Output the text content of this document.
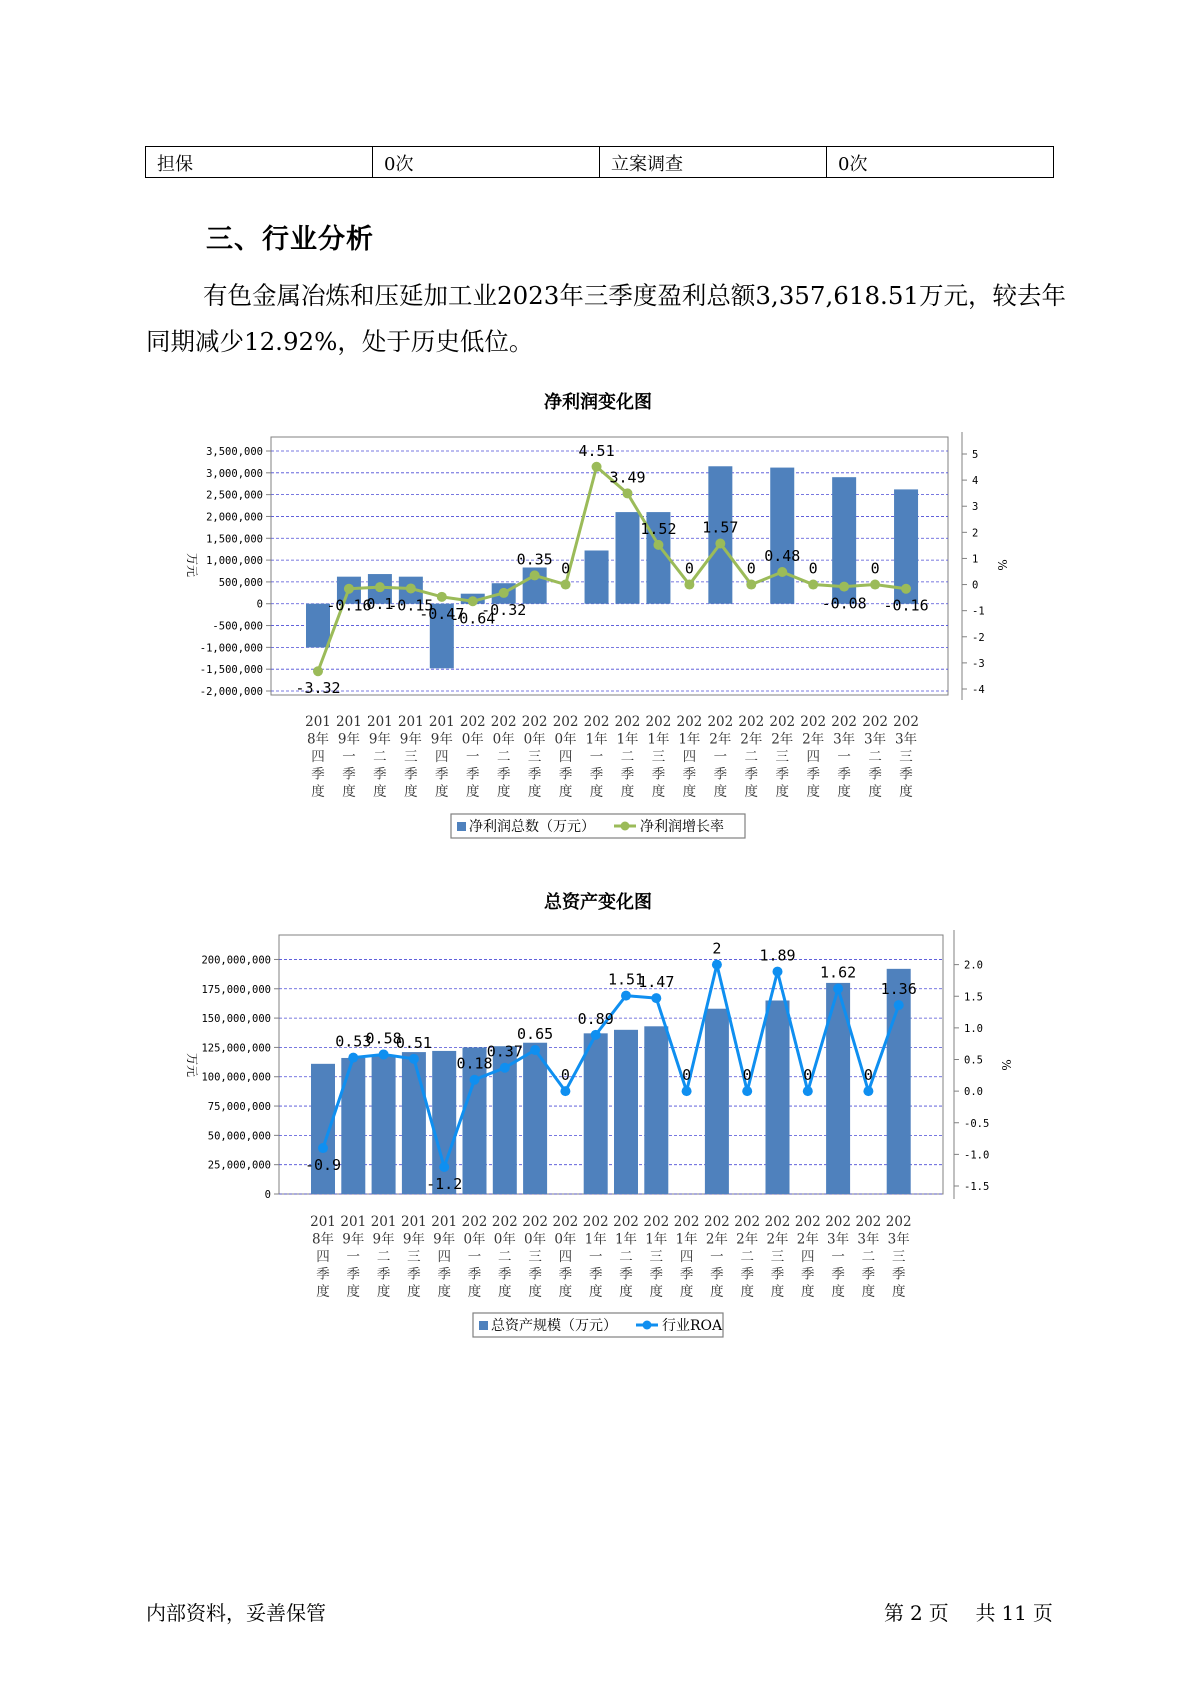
担保	0次	立案调查	0次
三、行业分析

有色金属冶炼和压延加工业2023年三季度盈利总额3,357,618.51万元，较去年同期减少12.92%，处于历史低位。

净利润变化图
3,500,000
3,000,000
2,500,000
2,000,000
1,500,000
1,000,000
500,000
0
-500,000
-1,000,000
-1,500,000
-2,000,000
5
4
3
2
1
0
-1
-2
-3
-4
万元	%
-3.32
-0.16
0.1
-0.15
-0.47
-0.64
-0.32
0.35
0
4.51
3.49
1.52
0
1.57
0
0.48
0
-0.08
0
-0.16
201
8年
四
季
度
201
9年
一
季
度
201
9年
二
季
度
201
9年
三
季
度
201
9年
四
季
度
202
0年
一
季
度
202
0年
二
季
度
202
0年
三
季
度
202
0年
四
季
度
202
1年
一
季
度
202
1年
二
季
度
202
1年
三
季
度
202
1年
四
季
度
202
2年
一
季
度
202
2年
二
季
度
202
2年
三
季
度
202
2年
四
季
度
202
3年
一
季
度
202
3年
二
季
度
202
3年
三
季
度
净利润总数（万元）	净利润增长率
总资产变化图
200,000,000
175,000,000
150,000,000
125,000,000
100,000,000
75,000,000
50,000,000
25,000,000
0
2.0
1.5
1.0
0.5
0.0
-0.5
-1.0
-1.5
万元	%
-0.9
0.53
0.58
0.51
-1.2
0.18
0.37
0.65
0
0.89
1.51
1.47
0
2
0
1.89
0
1.62
0
1.36
201
8年
四
季
度
201
9年
一
季
度
201
9年
二
季
度
201
9年
三
季
度
201
9年
四
季
度
202
0年
一
季
度
202
0年
二
季
度
202
0年
三
季
度
202
0年
四
季
度
202
1年
一
季
度
202
1年
二
季
度
202
1年
三
季
度
202
1年
四
季
度
202
2年
一
季
度
202
2年
二
季
度
202
2年
三
季
度
202
2年
四
季
度
202
3年
一
季
度
202
3年
二
季
度
202
3年
三
季
度
总资产规模（万元）	行业ROA
内部资料，妥善保管	第 2 页 共 11 页
